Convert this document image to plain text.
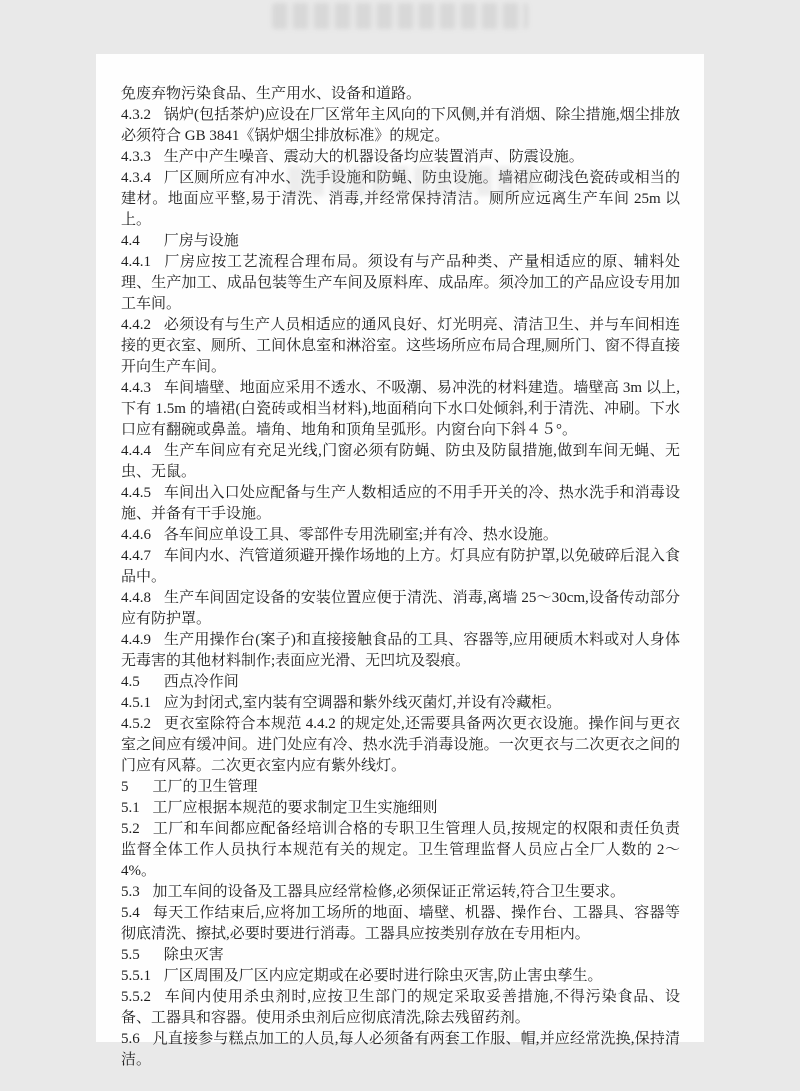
免废弃物污染食品、生产用水、设备和道路。

4.3.2 锅炉(包括茶炉)应设在厂区常年主风向的下风侧,并有消烟、除尘措施,烟尘排放必须符合 GB 3841《锅炉烟尘排放标准》的规定。

4.3.3 生产中产生噪音、震动大的机器设备均应装置消声、防震设施。

4.3.4 厂区厕所应有冲水、洗手设施和防蝇、防虫设施。墙裙应砌浅色瓷砖或相当的建材。地面应平整,易于清洗、消毒,并经常保持清洁。厕所应远离生产车间 25m 以上。

4.4 厂房与设施

4.4.1 厂房应按工艺流程合理布局。须设有与产品种类、产量相适应的原、辅料处理、生产加工、成品包装等生产车间及原料库、成品库。须冷加工的产品应设专用加工车间。

4.4.2 必须设有与生产人员相适应的通风良好、灯光明亮、清洁卫生、并与车间相连接的更衣室、厕所、工间休息室和淋浴室。这些场所应布局合理,厕所门、窗不得直接开向生产车间。

4.4.3 车间墙壁、地面应采用不透水、不吸潮、易冲洗的材料建造。墙壁高 3m 以上,下有 1.5m 的墙裙(白瓷砖或相当材料),地面稍向下水口处倾斜,利于清洗、冲刷。下水口应有翻碗或鼻盖。墙角、地角和顶角呈弧形。内窗台向下斜４５°。

4.4.4 生产车间应有充足光线,门窗必须有防蝇、防虫及防鼠措施,做到车间无蝇、无虫、无鼠。

4.4.5 车间出入口处应配备与生产人数相适应的不用手开关的冷、热水洗手和消毒设施、并备有干手设施。

4.4.6 各车间应单设工具、零部件专用洗刷室;并有冷、热水设施。

4.4.7 车间内水、汽管道须避开操作场地的上方。灯具应有防护罩,以免破碎后混入食品中。

4.4.8 生产车间固定设备的安装位置应便于清洗、消毒,离墙 25～30cm,设备传动部分应有防护罩。

4.4.9 生产用操作台(案子)和直接接触食品的工具、容器等,应用硬质木料或对人身体无毒害的其他材料制作;表面应光滑、无凹坑及裂痕。

4.5 西点冷作间

4.5.1 应为封闭式,室内装有空调器和紫外线灭菌灯,并设有冷藏柜。

4.5.2 更衣室除符合本规范 4.4.2 的规定处,还需要具备两次更衣设施。操作间与更衣室之间应有缓冲间。进门处应有冷、热水洗手消毒设施。一次更衣与二次更衣之间的门应有风幕。二次更衣室内应有紫外线灯。

5 工厂的卫生管理

5.1 工厂应根据本规范的要求制定卫生实施细则

5.2 工厂和车间都应配备经培训合格的专职卫生管理人员,按规定的权限和责任负责监督全体工作人员执行本规范有关的规定。卫生管理监督人员应占全厂人数的 2～4%。

5.3 加工车间的设备及工器具应经常检修,必须保证正常运转,符合卫生要求。

5.4 每天工作结束后,应将加工场所的地面、墙壁、机器、操作台、工器具、容器等彻底清洗、擦拭,必要时要进行消毒。工器具应按类别存放在专用柜内。

5.5 除虫灭害

5.5.1 厂区周围及厂区内应定期或在必要时进行除虫灭害,防止害虫孳生。

5.5.2 车间内使用杀虫剂时,应按卫生部门的规定采取妥善措施,不得污染食品、设备、工器具和容器。使用杀虫剂后应彻底清洗,除去残留药剂。

5.6 凡直接参与糕点加工的人员,每人必须备有两套工作服、帽,并应经常洗换,保持清洁。
